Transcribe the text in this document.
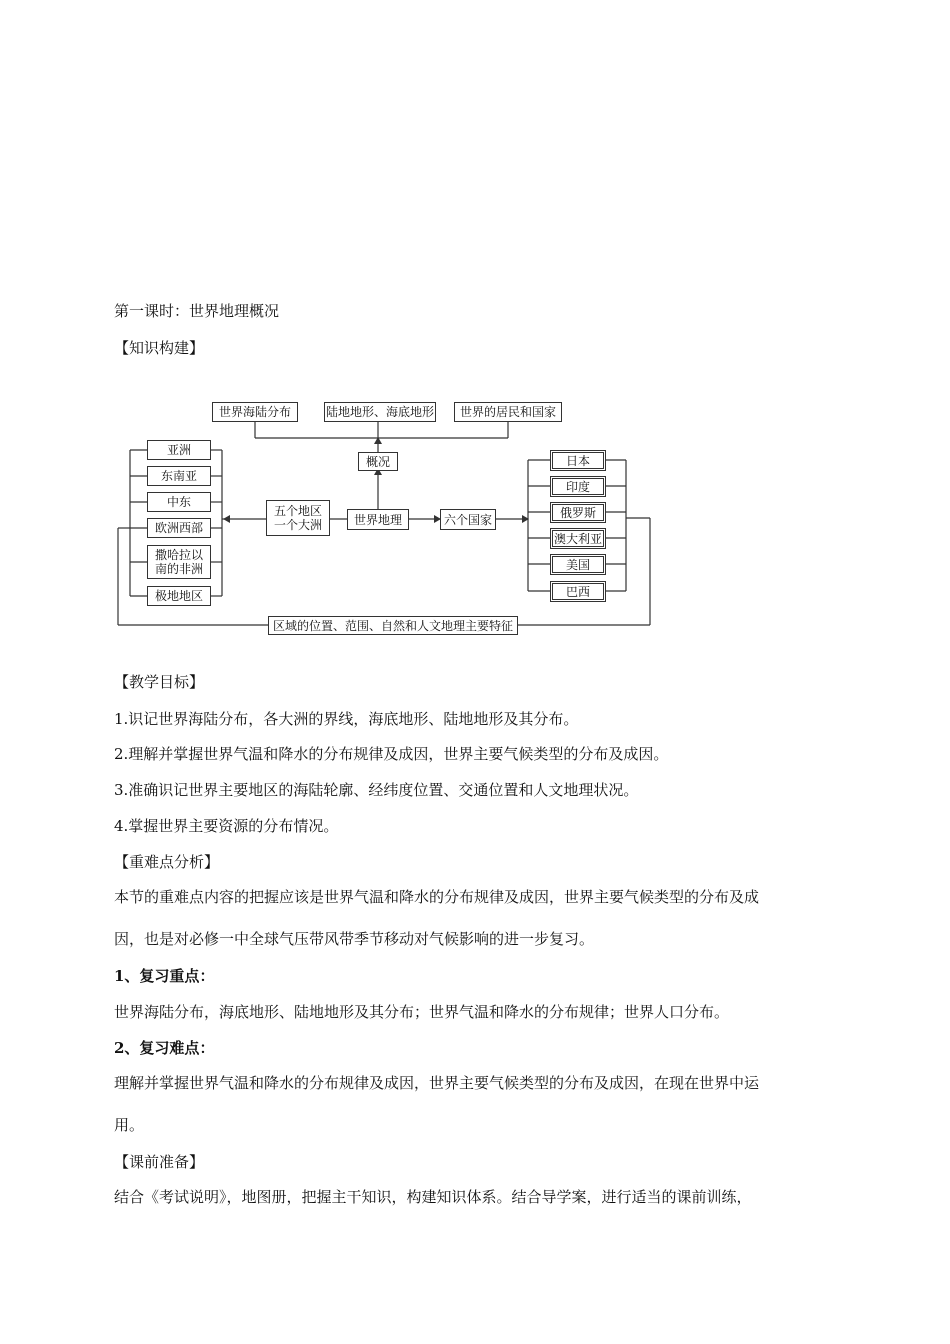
第一课时：世界地理概况
【知识构建】
世界海陆分布	陆地地形、海底地形	世界的居民和国家
概况
世界地理
五个地区
一个大洲	六个国家
亚洲
东南亚
中东
欧洲西部
撒哈拉以
南的非洲
极地地区
日本
印度
俄罗斯
澳大利亚
美国
巴西
区域的位置、范围、自然和人文地理主要特征
【教学目标】
1.识记世界海陆分布，各大洲的界线，海底地形、陆地地形及其分布。
2.理解并掌握世界气温和降水的分布规律及成因，世界主要气候类型的分布及成因。
3.准确识记世界主要地区的海陆轮廓、经纬度位置、交通位置和人文地理状况。
4.掌握世界主要资源的分布情况。
【重难点分析】
本节的重难点内容的把握应该是世界气温和降水的分布规律及成因，世界主要气候类型的分布及成
因，也是对必修一中全球气压带风带季节移动对气候影响的进一步复习。
1、复习重点：
世界海陆分布，海底地形、陆地地形及其分布；世界气温和降水的分布规律；世界人口分布。
2、复习难点：
理解并掌握世界气温和降水的分布规律及成因，世界主要气候类型的分布及成因，在现在世界中运
用。
【课前准备】
结合《考试说明》，地图册，把握主干知识，构建知识体系。结合导学案，进行适当的课前训练，
